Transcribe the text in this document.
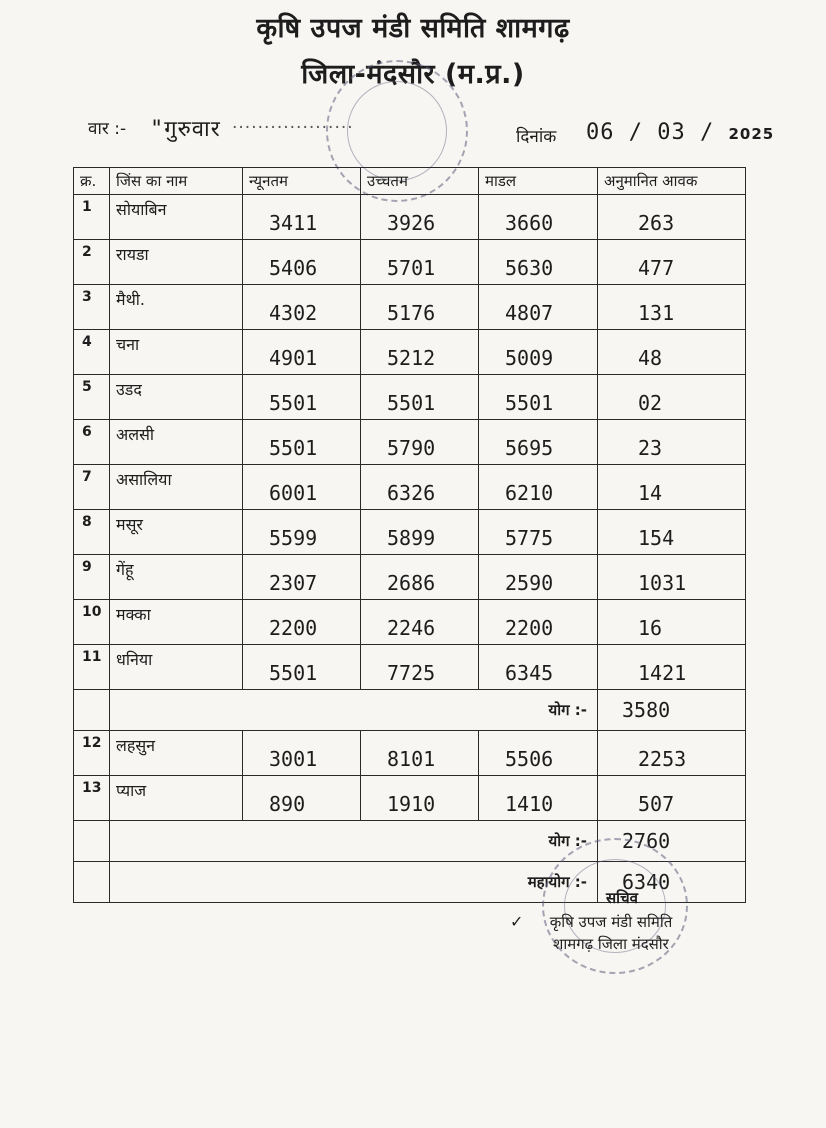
कृषि उपज मंडी समिति शामगढ़
जिला-मंदसौर (म.प्र.)
वार :- "गुरुवार ...................
दिनांक 06 / 03 / 2025
क्र.	जिंस का नाम	न्यूनतम	उच्चतम	माडल	अनुमानित आवक
1	सोयाबिन	3411	3926	3660	263
2	रायडा	5406	5701	5630	477
3	मैथी.	4302	5176	4807	131
4	चना	4901	5212	5009	48
5	उडद	5501	5501	5501	02
6	अलसी	5501	5790	5695	23
7	असालिया	6001	6326	6210	14
8	मसूर	5599	5899	5775	154
9	गेंहू	2307	2686	2590	1031
10	मक्का	2200	2246	2200	16
11	धनिया	5501	7725	6345	1421
	योग :-				3580
12	लहसुन	3001	8101	5506	2253
13	प्याज	890	1910	1410	507
	योग :-				2760
	महायोग :-				6340
✓
सचिव
कृषि उपज मंडी समिति
शामगढ़ जिला मंदसौर
